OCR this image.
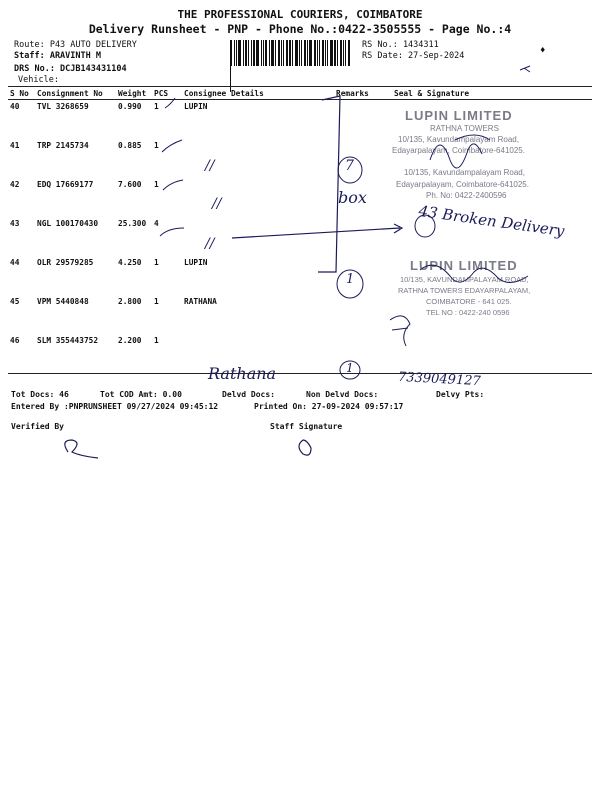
THE PROFESSIONAL COURIERS, COIMBATORE
Delivery Runsheet - PNP - Phone No.:0422-3505555 - Page No.:4
Route: P43 AUTO DELIVERY
Staff: ARAVINTH M
DRS No.: DCJB143431104
Vehicle:
RS No.: 1434311
RS Date: 27-Sep-2024	♦
S No	Consignment No	Weight	PCS	Consignee Details	Remarks	Seal & Signature
40	TVL 3268659	0.990	1	LUPIN		
41	TRP 2145734	0.885	1			
42	EDQ 17669177	7.600	1			
43	NGL 100170430	25.300	4			
44	OLR 29579285	4.250	1	LUPIN		
45	VPM 5440848	2.800	1	RATHANA		
46	SLM 355443752	2.200	1			
LUPIN LIMITED
RATHNA TOWERS
10/135, Kavundampalayam Road,
Edayarpalayam, Coimbatore-641025.
10/135, Kavundampalayam Road,
Edayarpalayam, Coimbatore-641025.
Ph. No: 0422-2400596
LUPIN LIMITED
10/135, KAVUNDAMPALAYAM ROAD,
RATHNA TOWERS EDAYARPALAYAM,
COIMBATORE - 641 025.
TEL NO : 0422-240 0596
//
//
//
7
box
43 Broken Delivery
1
1
Rathana	7339049127
Tot Docs: 46	Tot COD Amt: 0.00	Delvd Docs:	Non Delvd Docs:	Delvy Pts:
Entered By :PNPRUNSHEET 09/27/2024 09:45:12	Printed On: 27-09-2024 09:57:17
Verified By	Staff Signature
